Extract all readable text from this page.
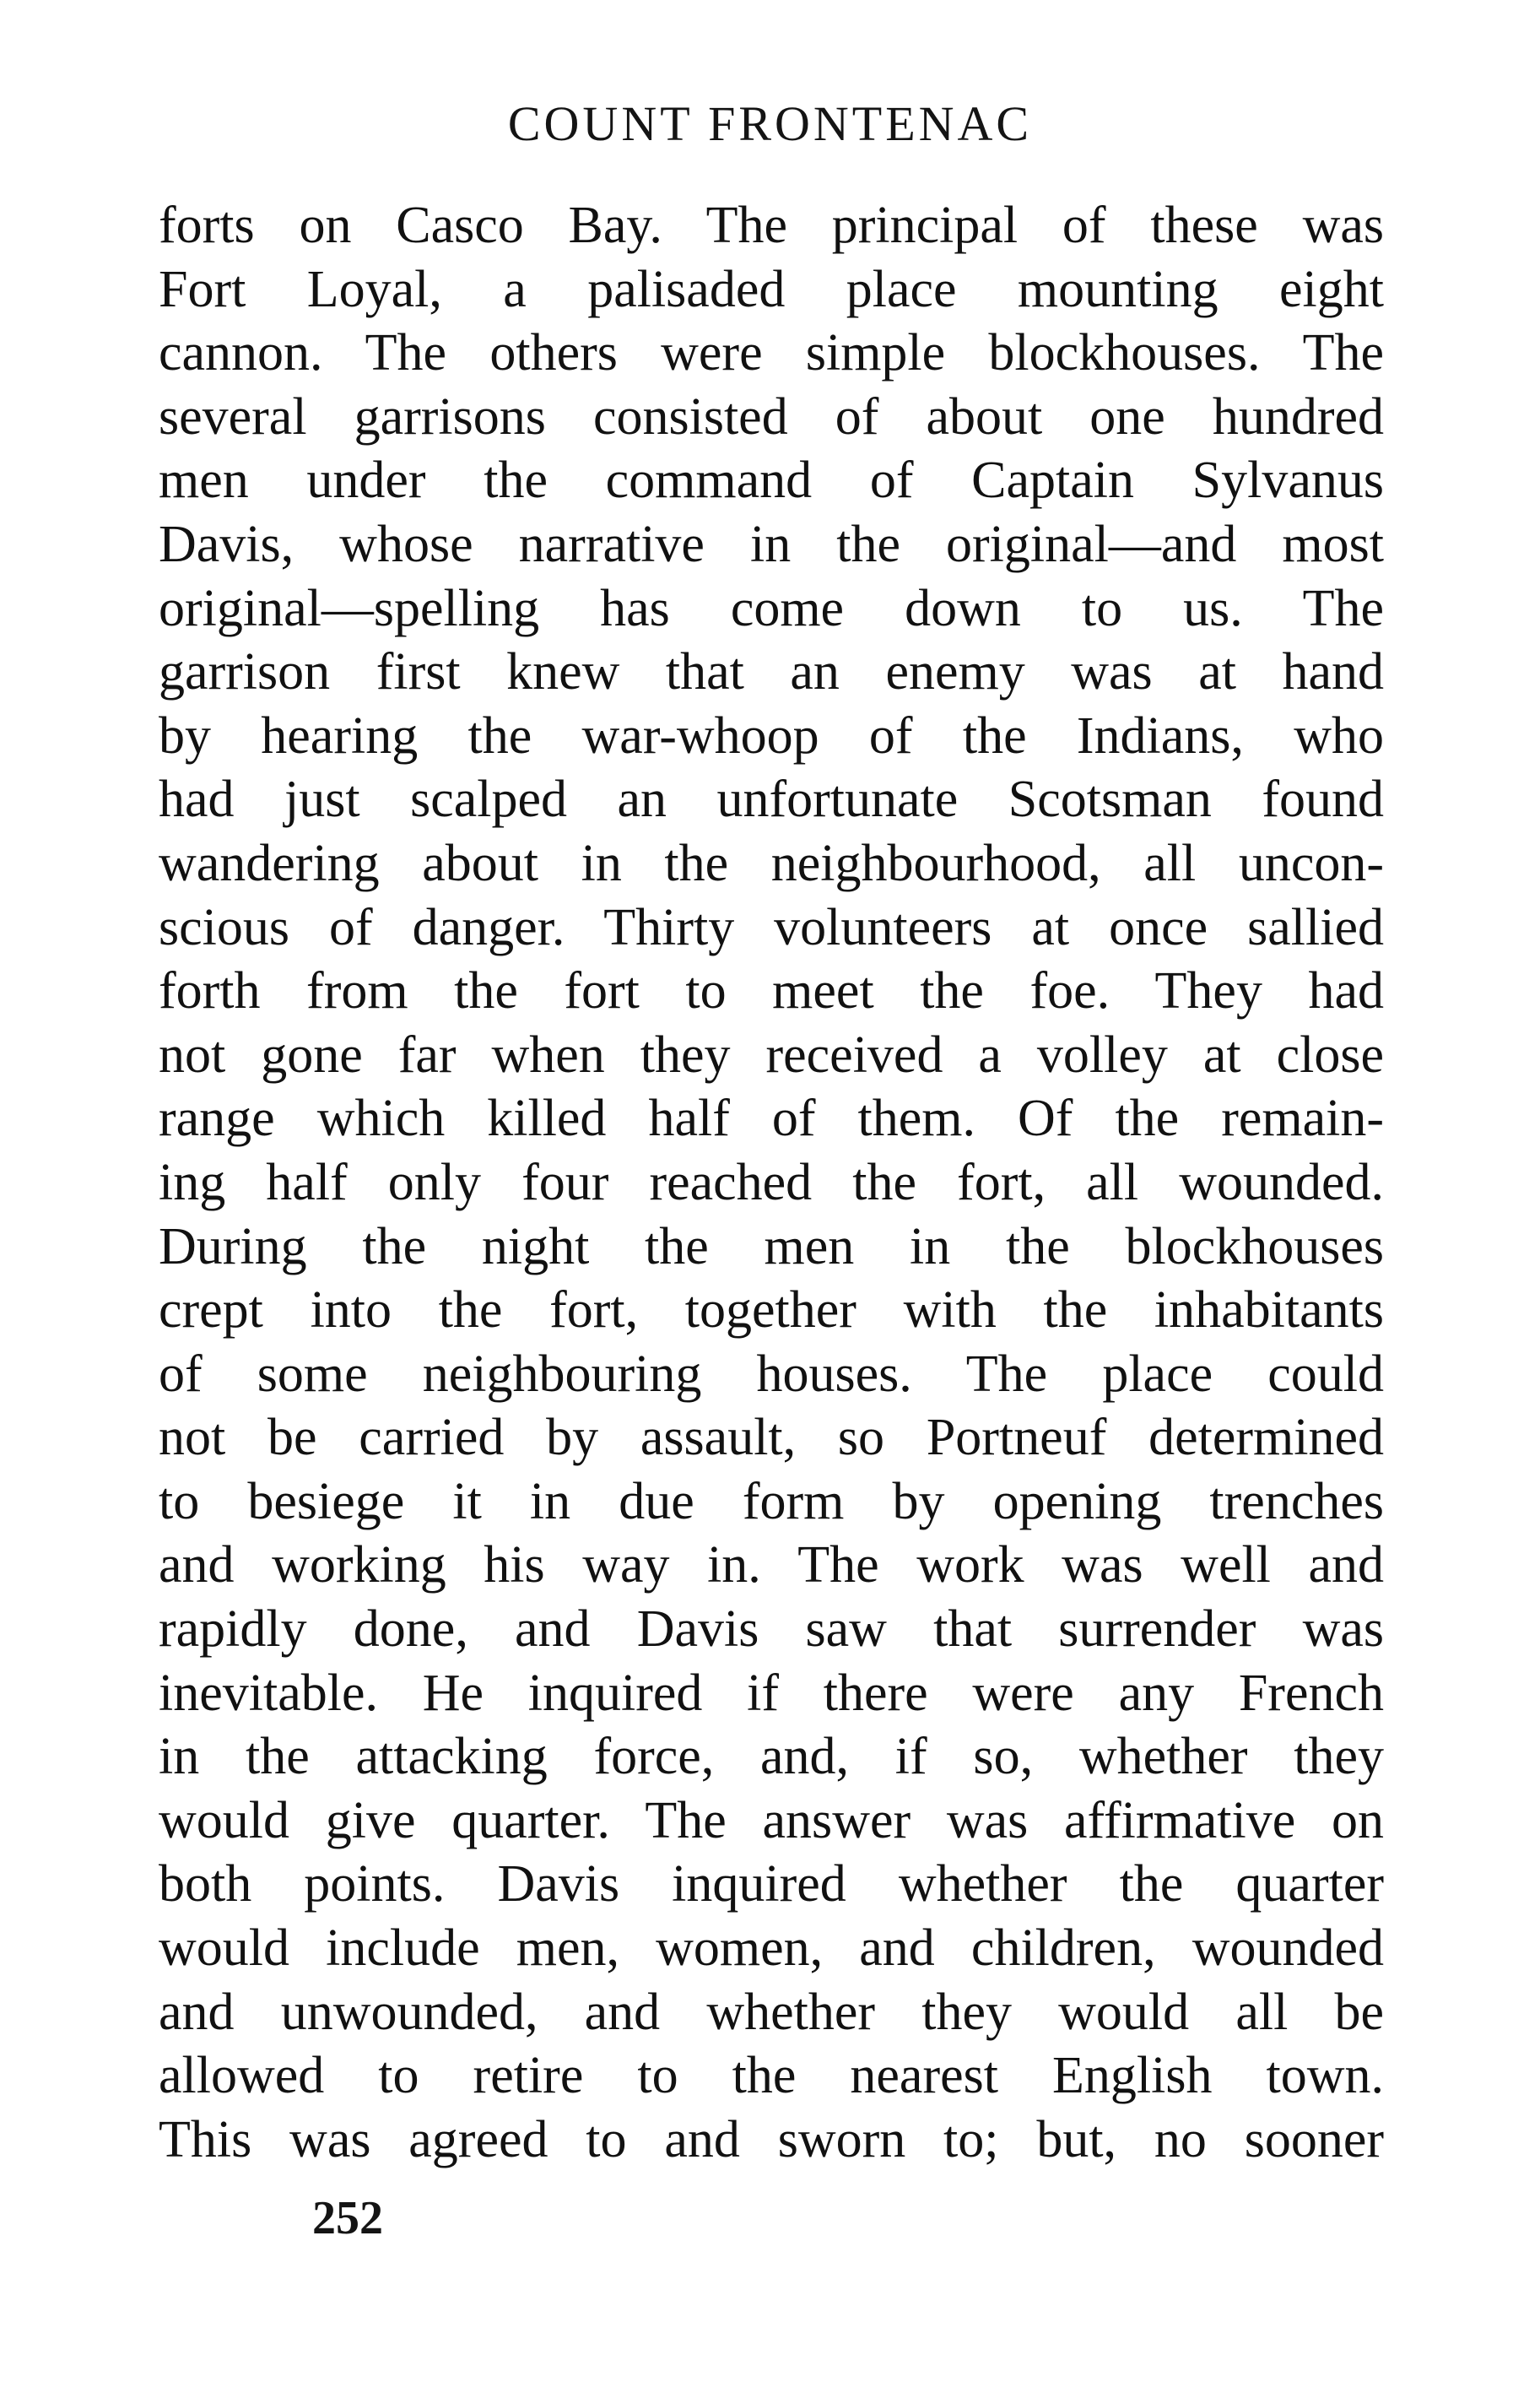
COUNT FRONTENAC
forts on Casco Bay. The principal of these was
Fort Loyal, a palisaded place mounting eight
cannon. The others were simple blockhouses. The
several garrisons consisted of about one hundred
men under the command of Captain Sylvanus
Davis, whose narrative in the original—and most
original—spelling has come down to us. The
garrison first knew that an enemy was at hand
by hearing the war-whoop of the Indians, who
had just scalped an unfortunate Scotsman found
wandering about in the neighbourhood, all uncon-
scious of danger. Thirty volunteers at once sallied
forth from the fort to meet the foe. They had
not gone far when they received a volley at close
range which killed half of them. Of the remain-
ing half only four reached the fort, all wounded.
During the night the men in the blockhouses
crept into the fort, together with the inhabitants
of some neighbouring houses. The place could
not be carried by assault, so Portneuf determined
to besiege it in due form by opening trenches
and working his way in. The work was well and
rapidly done, and Davis saw that surrender was
inevitable. He inquired if there were any French
in the attacking force, and, if so, whether they
would give quarter. The answer was affirmative on
both points. Davis inquired whether the quarter
would include men, women, and children, wounded
and unwounded, and whether they would all be
allowed to retire to the nearest English town.
This was agreed to and sworn to; but, no sooner
252
